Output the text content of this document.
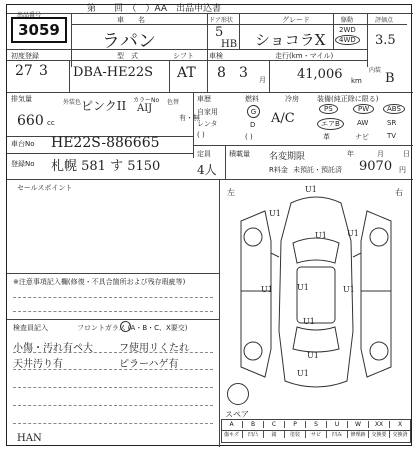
第　　回　（　）AA　出品申込書
出品番号
3059
車　　名
ラパン
ドア形状
5
HB
グレード
ショコラX
駆動
2WD
4WD
評価点
3.5
初度登録	型　式	シフト 車検	走行(km・マイル)
27 3 DBA-HE22S AT 8 3 月 41,006 km
内装
B
排気量	外装色 ピンクII カラーNo
AIJ
色替
有・無
車歴
自家用
レンタ
( )
燃料
G
D
( )
冷房
A/C
装備(純正除に限る)
PS	PW	ABS
エアB	AW	SR
革	ナビ	TV
660 cc
車台No HE22S-886665
登録No 札幌 581 す 5150
定員
4人
積載量 名変期限	年	月	日
R料金 未預託・預託済 9070 円
セールスポイント
※注意事項記入欄(修復・不具合箇所および残存瑕疵等)
検査員記入	フロントガラス (A・B・C、X要交)
小傷・汚れ有ペ大	フ使用リくたれ
天井汚り有	ピラーハゲ有
HAN
左	右
U1
U1
U1	U1
U1	U1	U1
U1
U1
U1
スペア
A	B	C	P	S	U	W	XX	X
傷キズ	凹凸	錆	塗装	サビ	凹み	修理跡	交換要	交換済
